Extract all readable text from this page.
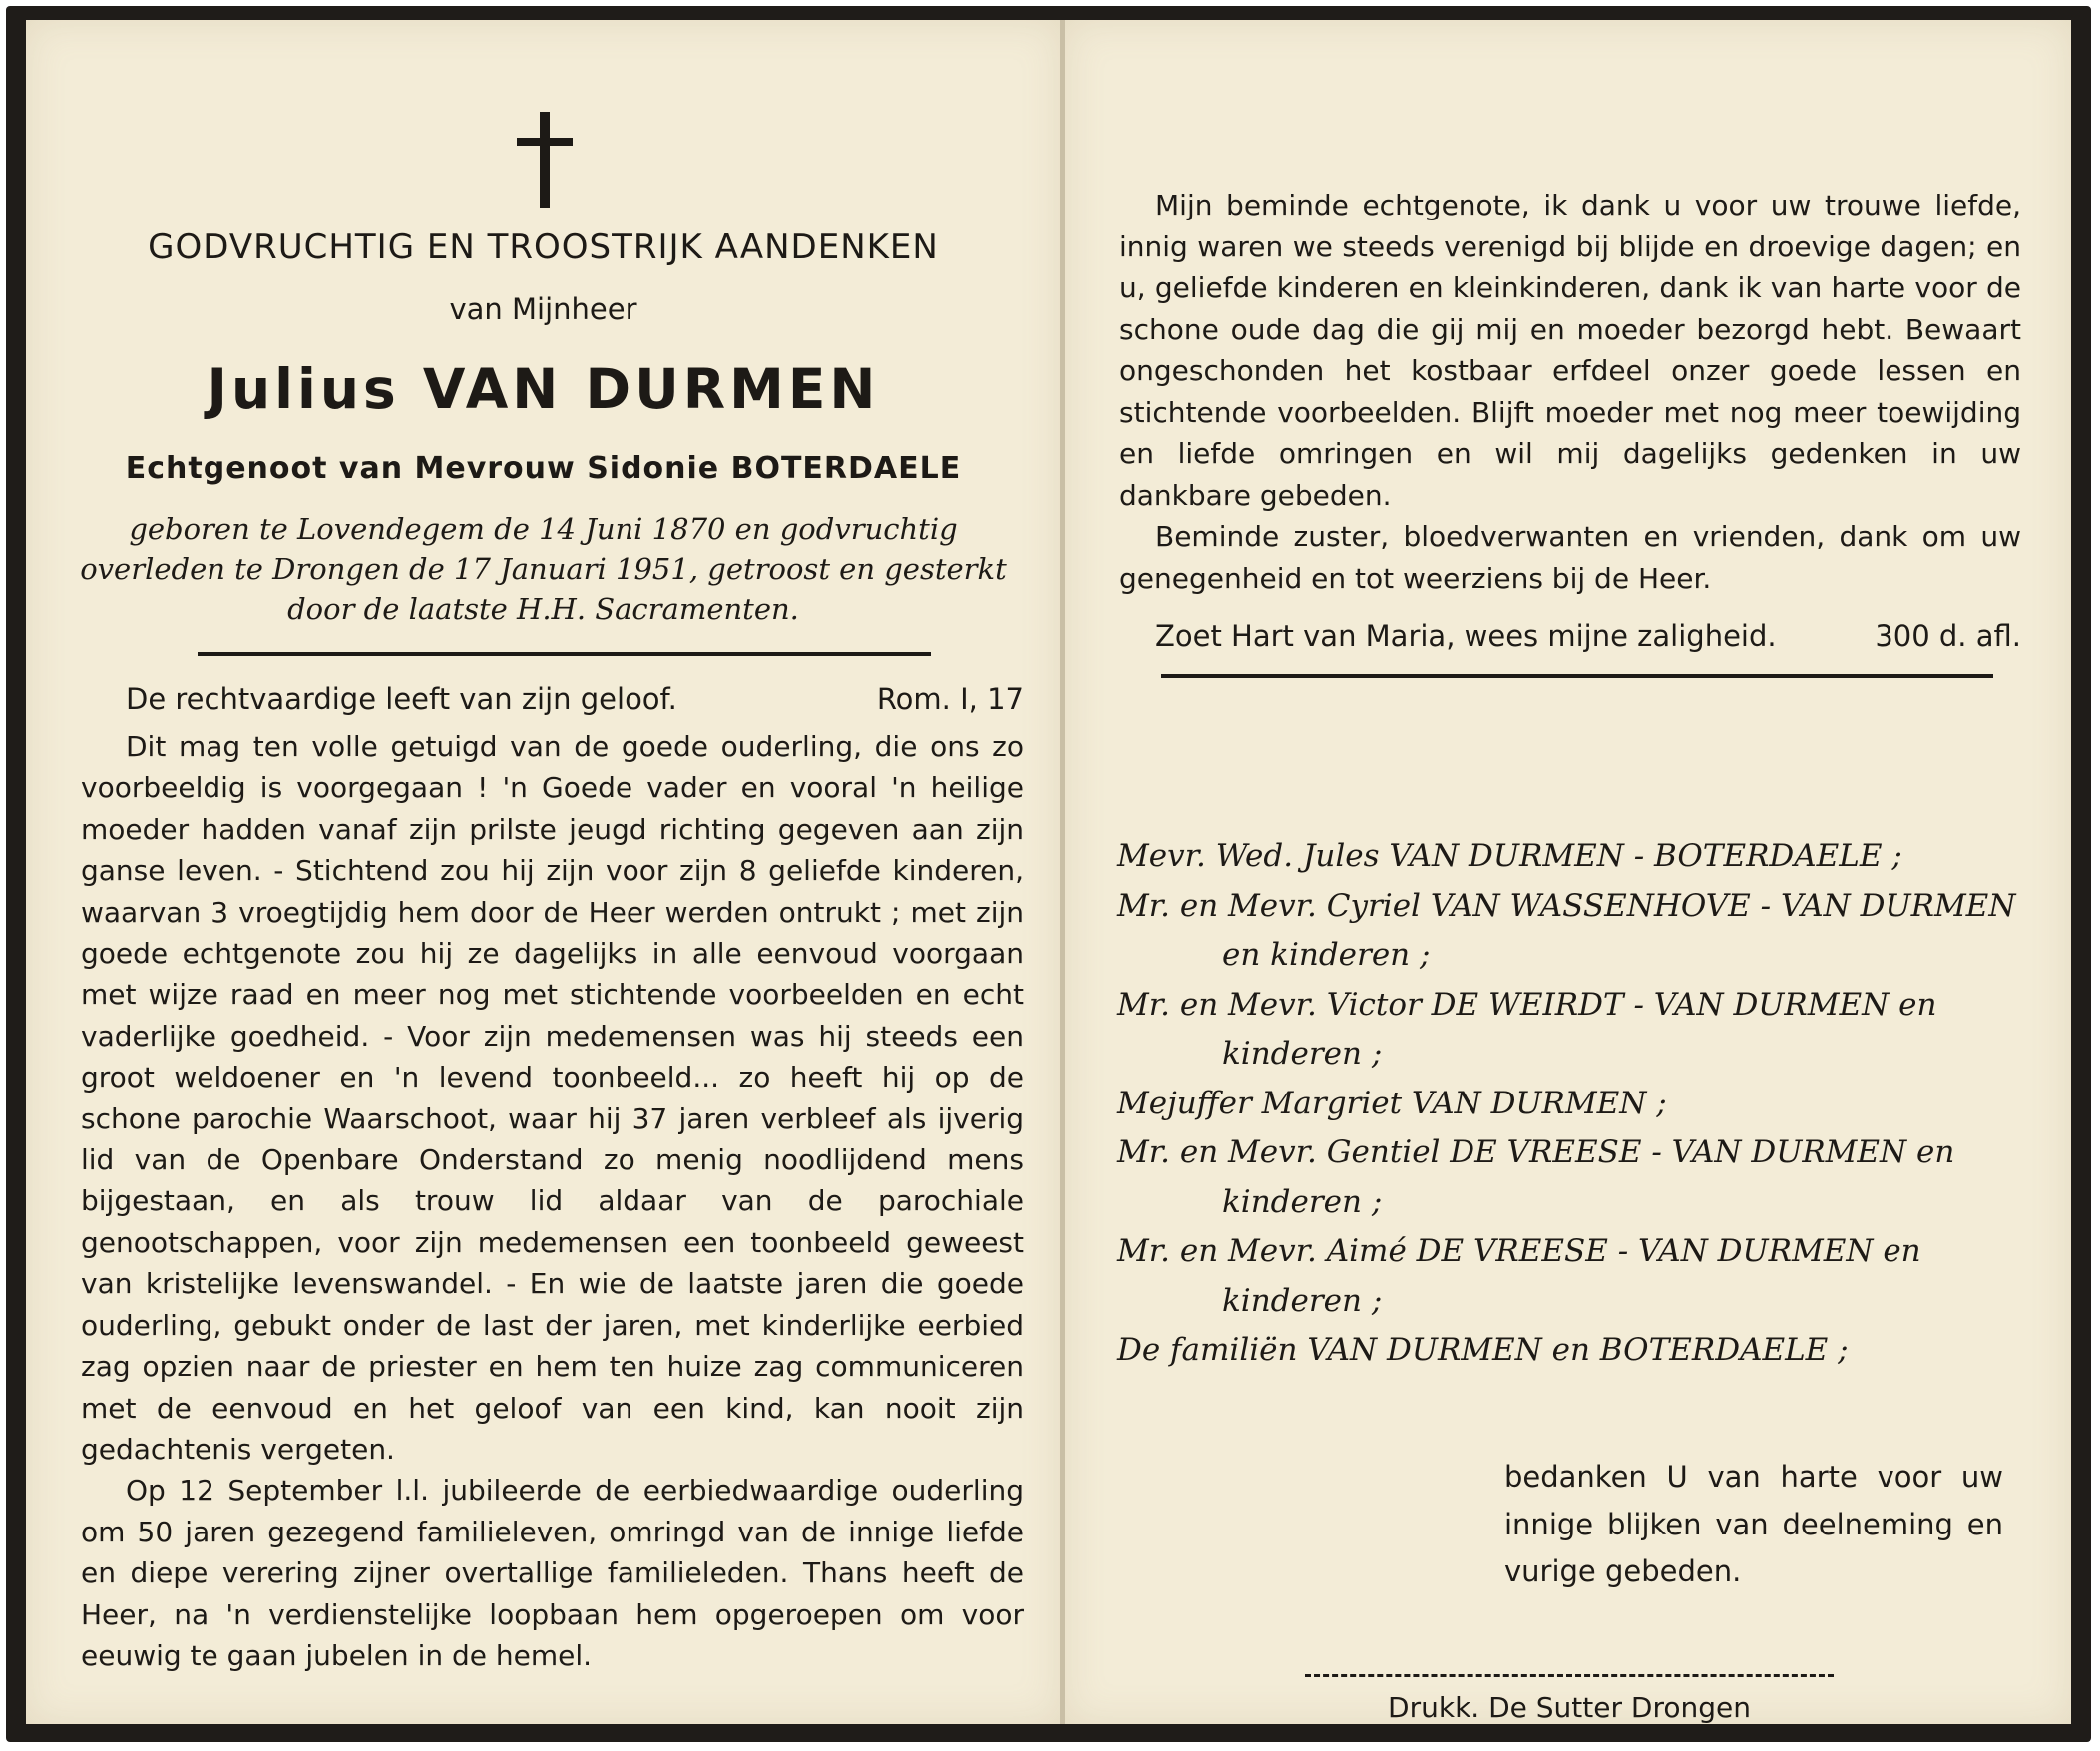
GODVRUCHTIG EN TROOSTRIJK AANDENKEN
van Mijnheer
Julius VAN DURMEN
Echtgenoot van Mevrouw Sidonie BOTERDAELE
geboren te Lovendegem de 14 Juni 1870 en godvruchtig overleden te Drongen de 17 Januari 1951, getroost en gesterkt door de laatste H.H. Sacramenten.
De rechtvaardige leeft van zijn geloof.	Rom. I, 17

Dit mag ten volle getuigd van de goede ouderling, die ons zo voorbeeldig is voorgegaan ! 'n Goede vader en vooral 'n heilige moeder hadden vanaf zijn prilste jeugd richting gegeven aan zijn ganse leven. - Stichtend zou hij zijn voor zijn 8 geliefde kinderen, waarvan 3 vroegtijdig hem door de Heer werden ontrukt ; met zijn goede echtgenote zou hij ze dagelijks in alle eenvoud voorgaan met wijze raad en meer nog met stichtende voorbeelden en echt vaderlijke goedheid. - Voor zijn medemensen was hij steeds een groot weldoener en 'n levend toonbeeld... zo heeft hij op de schone parochie Waarschoot, waar hij 37 jaren verbleef als ijverig lid van de Openbare Onderstand zo menig noodlijdend mens bijgestaan, en als trouw lid aldaar van de parochiale genootschappen, voor zijn medemensen een toonbeeld geweest van kristelijke levenswandel. - En wie de laatste jaren die goede ouderling, gebukt onder de last der jaren, met kinderlijke eerbied zag opzien naar de priester en hem ten huize zag communiceren met de eenvoud en het geloof van een kind, kan nooit zijn gedachtenis vergeten.

Op 12 September l.l. jubileerde de eerbiedwaardige ouderling om 50 jaren gezegend familieleven, omringd van de innige liefde en diepe verering zijner overtallige familieleden. Thans heeft de Heer, na 'n verdienstelijke loopbaan hem opgeroepen om voor eeuwig te gaan jubelen in de hemel.

Mijn beminde echtgenote, ik dank u voor uw trouwe liefde, innig waren we steeds verenigd bij blijde en droevige dagen; en u, geliefde kinderen en kleinkinderen, dank ik van harte voor de schone oude dag die gij mij en moeder bezorgd hebt. Bewaart ongeschonden het kostbaar erfdeel onzer goede lessen en stichtende voorbeelden. Blijft moeder met nog meer toewijding en liefde omringen en wil mij dagelijks gedenken in uw dankbare gebeden.

Beminde zuster, bloedverwanten en vrienden, dank om uw genegenheid en tot weerziens bij de Heer.

Zoet Hart van Maria, wees mijne zaligheid.	300 d. afl.
Mevr. Wed. Jules VAN DURMEN - BOTERDAELE ;
Mr. en Mevr. Cyriel VAN WASSENHOVE - VAN DURMEN en kinderen ;
Mr. en Mevr. Victor DE WEIRDT - VAN DURMEN en kinderen ;
Mejuffer Margriet VAN DURMEN ;
Mr. en Mevr. Gentiel DE VREESE - VAN DURMEN en kinderen ;
Mr. en Mevr. Aimé DE VREESE - VAN DURMEN en kinderen ;
De familiën VAN DURMEN en BOTERDAELE ;
bedanken U van harte voor uw innige blijken van deelneming en vurige gebeden.
Drukk. De Sutter Drongen
